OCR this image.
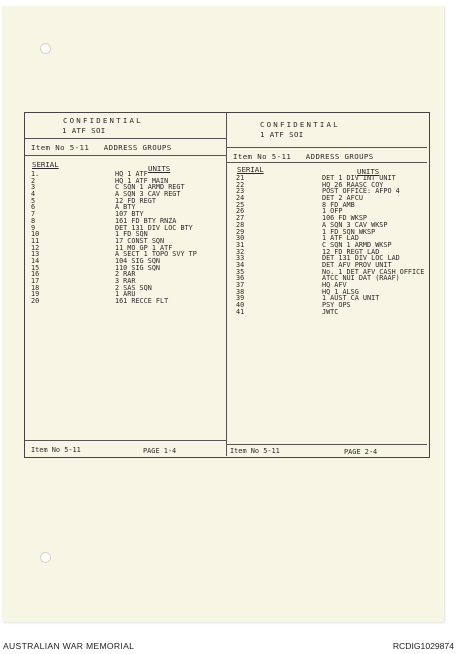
CONFIDENTIAL
1 ATF SOI
Item No 5-11   ADDRESS GROUPS
SERIAL	UNITS
1.	HQ 1 ATF
2	HQ 1 ATF MAIN
3	C SQN 1 ARMD REGT
4	A SQN 3 CAV REGT
5	12 FD REGT
6	A BTY
7	107 BTY
8	161 FD BTY RNZA
9	DET 131 DIV LOC BTY
10	1 FD SQN
11	17 CONST SQN
12	11 MO GP 1 ATF
13	A SECT 1 TOPO SVY TP
14	104 SIG SQN
15	110 SIG SQN
16	2 RAR
17	3 RAR
18	2 SAS SQN
19	1 ARU
20	161 RECCE FLT
Item No 5-11	PAGE 1-4
CONFIDENTIAL
1 ATF SOI
Item No 5-11   ADDRESS GROUPS
SERIAL	UNITS
21	DET 1 DIV INT UNIT
22	HQ 26 RAASC COY
23	POST OFFICE: AFPO 4
24	DET 2 AFCU
25	8 FD AMB
26	1 OFP
27	106 FD WKSP
28	A SQN 3 CAV WKSP
29	1 FD SQN WKSP
30	1 ATF LAD
31	C SQN 1 ARMD WKSP
32	12 FD REGT LAD
33	DET 131 DIV LOC LAD
34	DET AFV PROV UNIT
35	No. 1 DET AFV CASH OFFICE
36	ATCC NUI DAT (RAAF)
37	HQ AFV
38	HQ 1 ALSG
39	1 AUST CA UNIT
40	PSY OPS
41	JWTC
Item No 5-11	PAGE 2-4
AUSTRALIAN WAR MEMORIAL	RCDIG1029874
